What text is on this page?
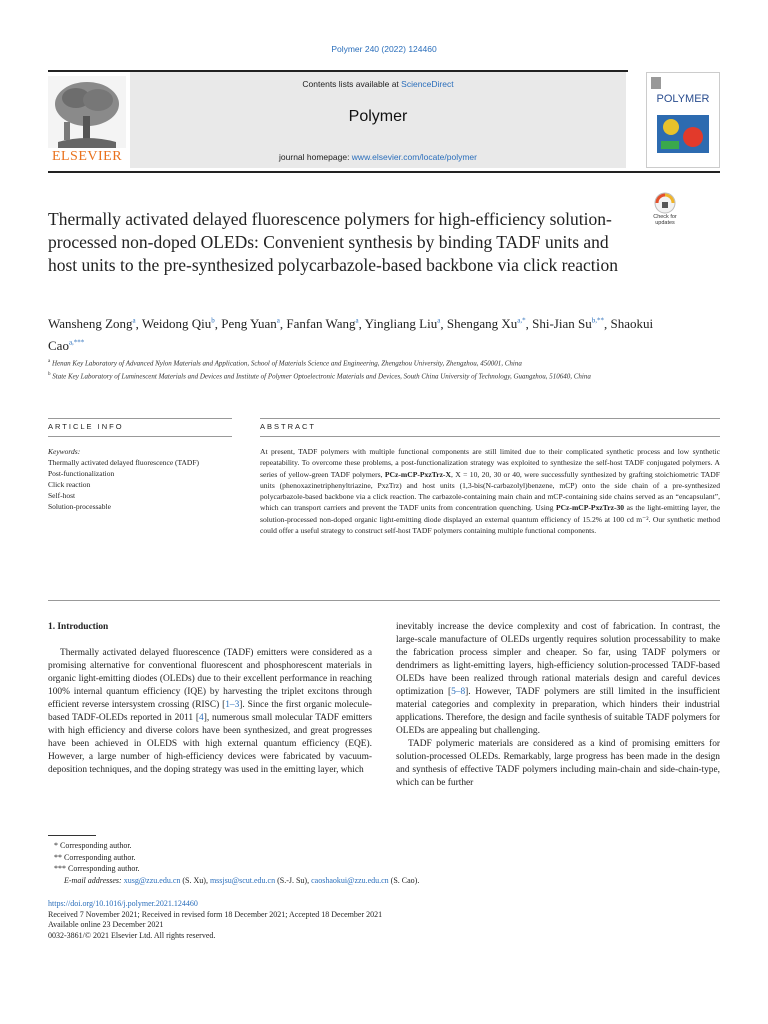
Polymer 240 (2022) 124460
ELSEVIER
Contents lists available at ScienceDirect
Polymer
journal homepage: www.elsevier.com/locate/polymer
POLYMER
Check for updates
Thermally activated delayed fluorescence polymers for high-efficiency solution-processed non-doped OLEDs: Convenient synthesis by binding TADF units and host units to the pre-synthesized polycarbazole-based backbone via click reaction
Wansheng Zong$^a$, Weidong Qiu$^b$, Peng Yuan$^a$, Fanfan Wang$^a$, Yingliang Liu$^a$, Shengang $Xu^{a,*}$, Shi-Jian $Su^{b,**}$, Shaokui Cao$^{a,***}$
$^a$ Henan Key Laboratory of Advanced Nylon Materials and Application, School of Materials Science and Engineering, Zhengzhou University, Zhengzhou, 450001, China
$^b$ State Key Laboratory of Luminescent Materials and Devices and Institute of Polymer Optoelectronic Materials and Devices, South China University of Technology, Guangzhou, 510640, China
ARTICLE INFO	ABSTRACT
Keywords:
Thermally activated delayed fluorescence (TADF)
Post-functionalization
Click reaction
Self-host
Solution-processable
At present, TADF polymers with multiple functional components are still limited due to their complicated synthetic process and low synthetic repeatability. To overcome these problems, a post-functionalization strategy was exploited to synthesize the self-host TADF conjugated polymers. A series of yellow-green TADF polymers, PCz-mCP-PxzTrz-X, X = 10, 20, 30 or 40, were successfully synthesized by grafting stoichiometric TADF units (phenoxazinetriphenyltriazine, PxzTrz) and host units (1,3-bis(N-carbazolyl)benzene, mCP) onto the side chain of a pre-synthesized polycarbazole-based backbone via a click reaction. The carbazole-containing main chain and mCP-containing side chains served as an “encapsulant”, which can transport carriers and prevent the TADF units from concentration quenching. Using PCz-mCP-PxzTrz-30 as the light-emitting layer, the solution-processed non-doped organic light-emitting diode displayed an external quantum efficiency of 15.2% at 100 cd m⁻². Our synthetic method could offer a useful strategy to construct self-host TADF polymers containing multiple functional components.
1. Introduction

Thermally activated delayed fluorescence (TADF) emitters were considered as a promising alternative for conventional fluorescent and phosphorescent materials in organic light-emitting diodes (OLEDs) due to their excellent performance in reaching 100% internal quantum efficiency (IQE) by harvesting the triplet excitons through efficient reverse intersystem crossing (RISC) [1–3]. Since the first organic molecule-based TADF-OLEDs reported in 2011 [4], numerous small molecular TADF emitters with high efficiency and diverse colors have been synthesized, and great progresses have been achieved in OLEDS with high external quantum efficiency (EQE). However, a large number of high-efficiency devices were fabricated by vacuum-deposition techniques, and the doping strategy was used in the emitting layer, which

inevitably increase the device complexity and cost of fabrication. In contrast, the large-scale manufacture of OLEDs urgently requires solution processability to make the fabrication process simpler and cheaper. So far, using TADF polymers or dendrimers as light-emitting layers, high-efficiency solution-processed TADF-based OLEDs have been realized through rational materials design and careful devices optimization [5–8]. However, TADF polymers are still limited in the insufficient material categories and complexity in preparation, which hinders their industrial applications. Therefore, the design and facile synthesis of suitable TADF polymers for OLEDs are appealing but challenging.

TADF polymeric materials are considered as a kind of promising emitters for solution-processed OLEDs. Remarkably, large progress has been made in the design and synthesis of effective TADF polymers including main-chain and side-chain-type, which can be further

* Corresponding author.
** Corresponding author.
*** Corresponding author.
E-mail addresses: xusg@zzu.edu.cn (S. Xu), mssjsu@scut.edu.cn (S.-J. Su), caoshaokui@zzu.edu.cn (S. Cao).
https://doi.org/10.1016/j.polymer.2021.124460
Received 7 November 2021; Received in revised form 18 December 2021; Accepted 18 December 2021
Available online 23 December 2021
0032-3861/© 2021 Elsevier Ltd. All rights reserved.
